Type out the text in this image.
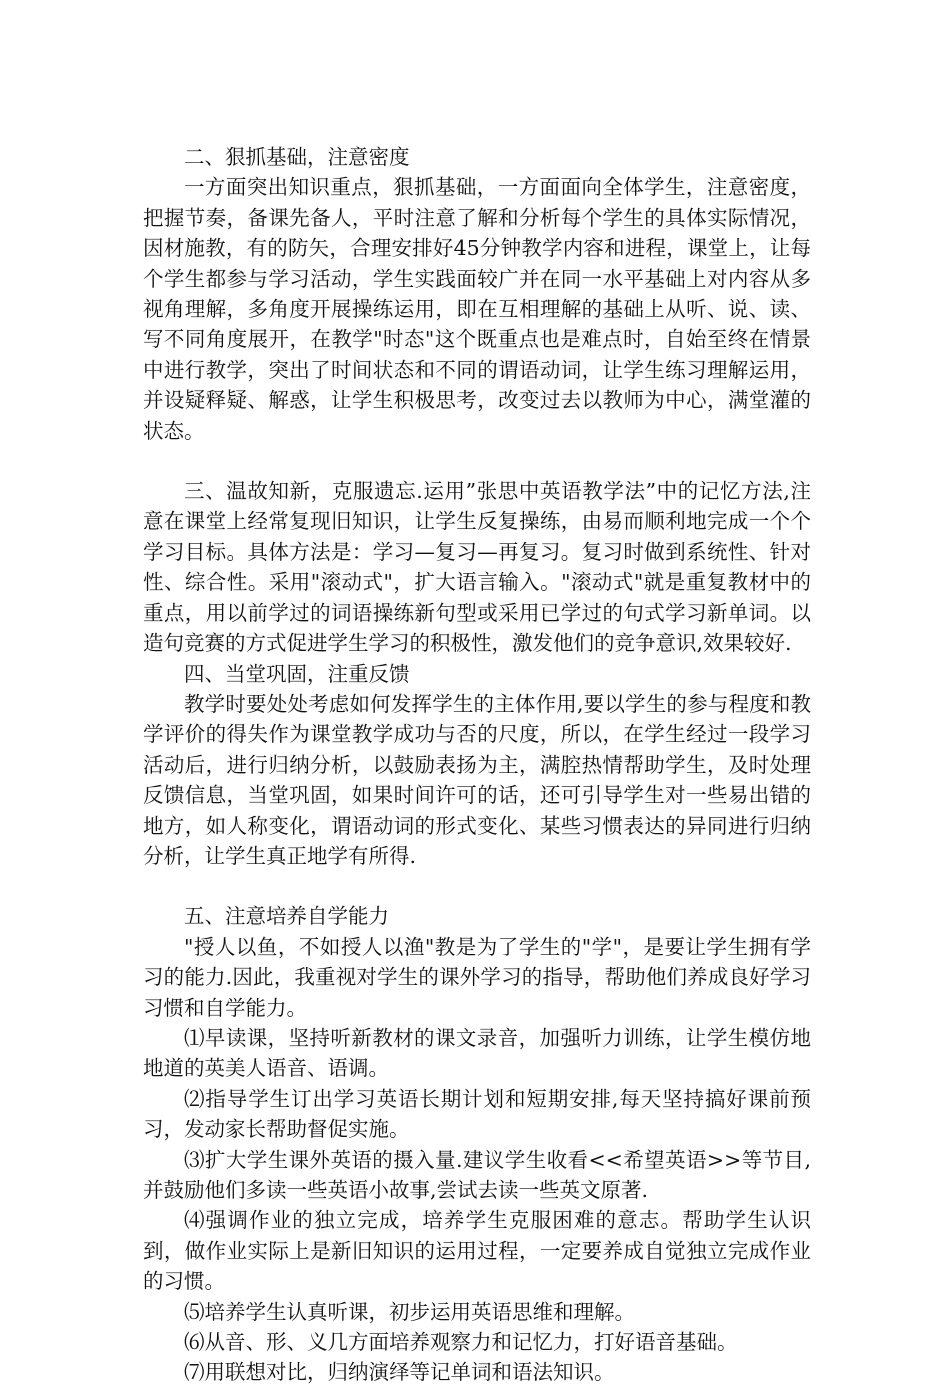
二、狠抓基础，注意密度

一方面突出知识重点，狠抓基础，一方面面向全体学生，注意密度，把握节奏，备课先备人，平时注意了解和分析每个学生的具体实际情况，因材施教，有的防矢，合理安排好45分钟教学内容和进程，课堂上，让每个学生都参与学习活动，学生实践面较广并在同一水平基础上对内容从多视角理解，多角度开展操练运用，即在互相理解的基础上从听、说、读、写不同角度展开，在教学"时态"这个既重点也是难点时，自始至终在情景中进行教学，突出了时间状态和不同的谓语动词，让学生练习理解运用，并设疑释疑、解惑，让学生积极思考，改变过去以教师为中心，满堂灌的状态。

三、温故知新，克服遗忘.运用”张思中英语教学法”中的记忆方法,注意在课堂上经常复现旧知识，让学生反复操练，由易而顺利地完成一个个学习目标。具体方法是：学习—复习—再复习。复习时做到系统性、针对性、综合性。采用"滚动式"，扩大语言输入。"滚动式"就是重复教材中的重点，用以前学过的词语操练新句型或采用已学过的句式学习新单词。以造句竞赛的方式促进学生学习的积极性，激发他们的竞争意识,效果较好.

四、当堂巩固，注重反馈

教学时要处处考虑如何发挥学生的主体作用,要以学生的参与程度和教学评价的得失作为课堂教学成功与否的尺度，所以，在学生经过一段学习活动后，进行归纳分析，以鼓励表扬为主，满腔热情帮助学生，及时处理反馈信息，当堂巩固，如果时间许可的话，还可引导学生对一些易出错的地方，如人称变化，谓语动词的形式变化、某些习惯表达的异同进行归纳分析，让学生真正地学有所得.

五、注意培养自学能力

"授人以鱼，不如授人以渔"教是为了学生的"学"，是要让学生拥有学习的能力.因此，我重视对学生的课外学习的指导，帮助他们养成良好学习习惯和自学能力。

⑴早读课，坚持听新教材的课文录音，加强听力训练，让学生模仿地地道的英美人语音、语调。

⑵指导学生订出学习英语长期计划和短期安排,每天坚持搞好课前预习，发动家长帮助督促实施。

⑶扩大学生课外英语的摄入量.建议学生收看<<希望英语>>等节目,并鼓励他们多读一些英语小故事,尝试去读一些英文原著.

⑷强调作业的独立完成，培养学生克服困难的意志。帮助学生认识到，做作业实际上是新旧知识的运用过程，一定要养成自觉独立完成作业的习惯。

⑸培养学生认真听课，初步运用英语思维和理解。

⑹从音、形、义几方面培养观察力和记忆力，打好语音基础。

⑺用联想对比，归纳演绎等记单词和语法知识。
